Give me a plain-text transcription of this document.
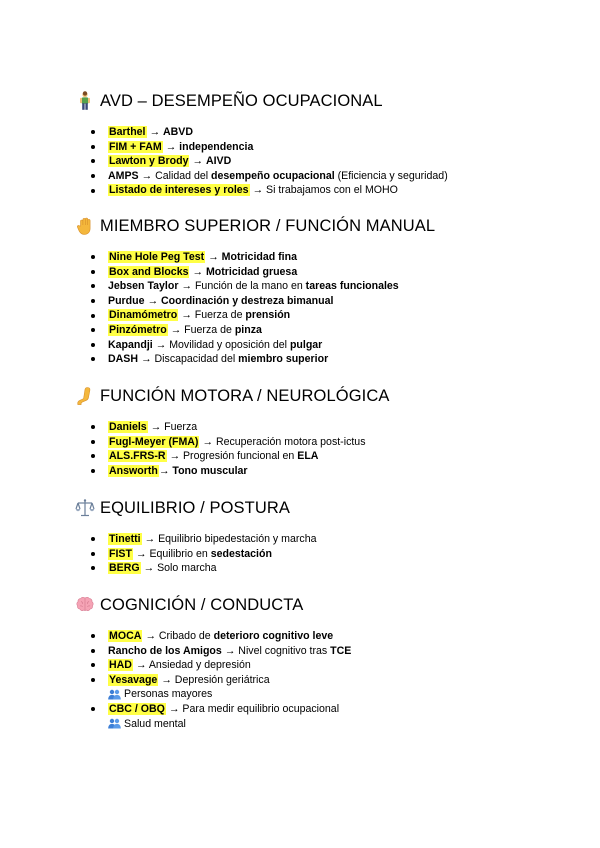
AVD – DESEMPEÑO OCUPACIONAL
Barthel → ABVD
FIM + FAM → independencia
Lawton y Brody → AIVD
AMPS → Calidad del desempeño ocupacional (Eficiencia y seguridad)
Listado de intereses y roles → Si trabajamos con el MOHO
MIEMBRO SUPERIOR / FUNCIÓN MANUAL
Nine Hole Peg Test → Motricidad fina
Box and Blocks → Motricidad gruesa
Jebsen Taylor → Función de la mano en tareas funcionales
Purdue → Coordinación y destreza bimanual
Dinamómetro → Fuerza de prensión
Pinzómetro → Fuerza de pinza
Kapandji → Movilidad y oposición del pulgar
DASH → Discapacidad del miembro superior
FUNCIÓN MOTORA / NEUROLÓGICA
Daniels → Fuerza
Fugl-Meyer (FMA) → Recuperación motora post-ictus
ALS.FRS-R → Progresión funcional en ELA
Answorth→ Tono muscular
EQUILIBRIO / POSTURA
Tinetti → Equilibrio bipedestación y marcha
FIST → Equilibrio en sedestación
BERG → Solo marcha
COGNICIÓN / CONDUCTA
MOCA → Cribado de deterioro cognitivo leve
Rancho de los Amigos → Nivel cognitivo tras TCE
HAD → Ansiedad y depresión
Yesavage → Depresión geriátrica
Personas mayores
CBC / OBQ → Para medir equilibrio ocupacional
Salud mental
